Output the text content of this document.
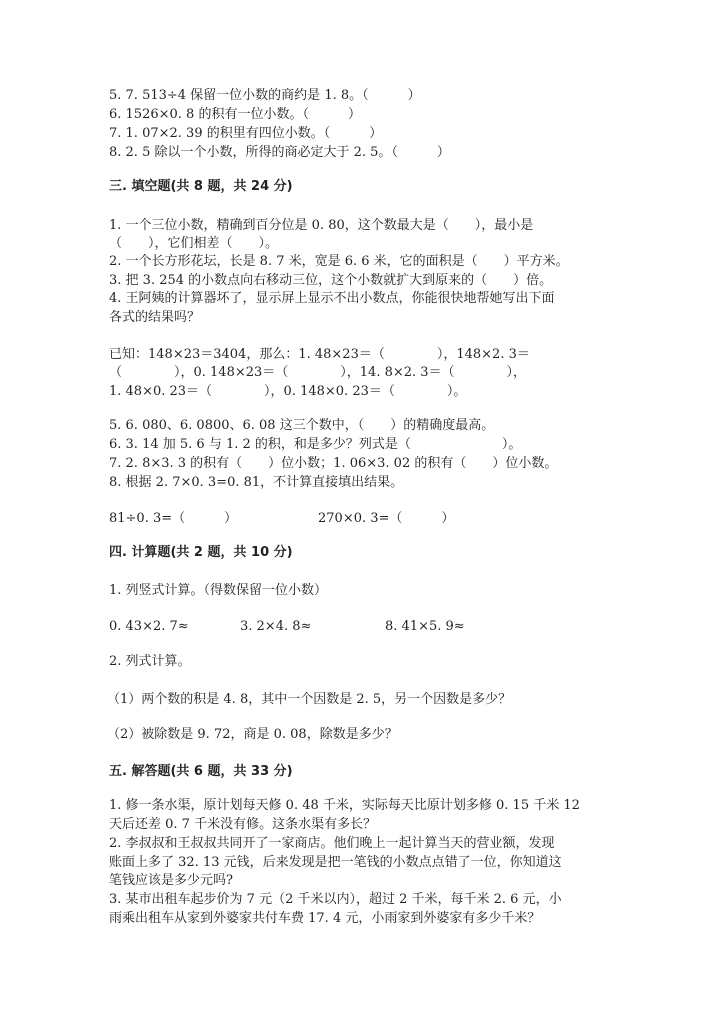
5. 7. 513÷4 保留一位小数的商约是 1. 8。（　　　）
6. 1526×0. 8 的积有一位小数。（　　　）
7. 1. 07×2. 39 的积里有四位小数。（　　　）
8. 2. 5 除以一个小数，所得的商必定大于 2. 5。（　　　）
三. 填空题(共 8 题，共 24 分)
1. 一个三位小数，精确到百分位是 0. 80，这个数最大是（　　），最小是
（　　），它们相差（　　）。
2. 一个长方形花坛，长是 8. 7 米，宽是 6. 6 米，它的面积是（　　）平方米。
3. 把 3. 254 的小数点向右移动三位，这个小数就扩大到原来的（　　）倍。
4. 王阿姨的计算器坏了，显示屏上显示不出小数点，你能很快地帮她写出下面
各式的结果吗？
已知：148×23＝3404，那么：1. 48×23＝（　　　　），148×2. 3＝
（　　　　），0. 148×23＝（　　　　），14. 8×2. 3＝（　　　　），
1. 48×0. 23＝（　　　　），0. 148×0. 23＝（　　　　）。
5. 6. 080、6. 0800、6. 08 这三个数中，（　　）的精确度最高。
6. 3. 14 加 5. 6 与 1. 2 的积，和是多少？列式是（　　　　　　　）。
7. 2. 8×3. 3 的积有（　　）位小数；1. 06×3. 02 的积有（　　）位小数。
8. 根据 2. 7×0. 3=0. 81，不计算直接填出结果。
81÷0. 3=（　　　）	270×0. 3=（　　　）
四. 计算题(共 2 题，共 10 分)
1. 列竖式计算。（得数保留一位小数）
0. 43×2. 7≈	3. 2×4. 8≈	8. 41×5. 9≈
2. 列式计算。
（1）两个数的积是 4. 8，其中一个因数是 2. 5，另一个因数是多少？
（2）被除数是 9. 72，商是 0. 08，除数是多少？
五. 解答题(共 6 题，共 33 分)
1. 修一条水渠，原计划每天修 0. 48 千米，实际每天比原计划多修 0. 15 千米 12
天后还差 0. 7 千米没有修。这条水渠有多长？
2. 李叔叔和王叔叔共同开了一家商店。他们晚上一起计算当天的营业额，发现
账面上多了 32. 13 元钱，后来发现是把一笔钱的小数点点错了一位，你知道这
笔钱应该是多少元吗?
3. 某市出租车起步价为 7 元（2 千米以内），超过 2 千米，每千米 2. 6 元，小
雨乘出租车从家到外婆家共付车费 17. 4 元，小雨家到外婆家有多少千米？
